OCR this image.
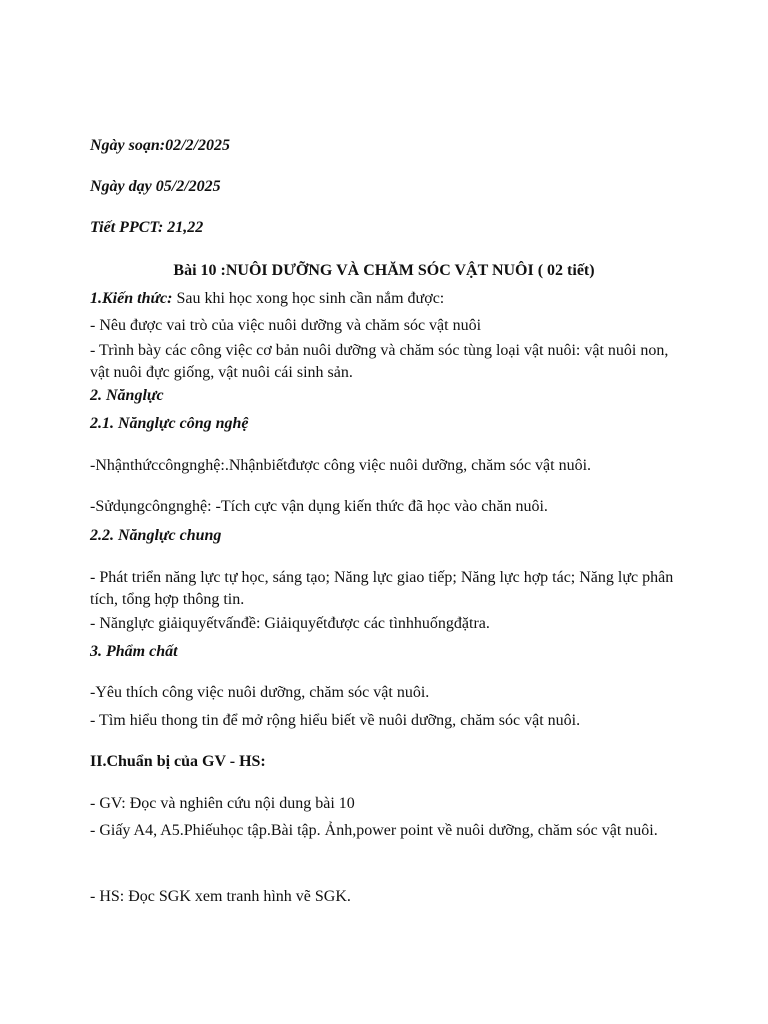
Ngày soạn:02/2/2025
Ngày dạy 05/2/2025
Tiết PPCT: 21,22
Bài 10 :NUÔI DƯỠNG VÀ CHĂM SÓC VẬT NUÔI ( 02 tiết)
1.Kiến thức: Sau khi học xong học sinh cần nắm được:
- Nêu được vai trò của việc nuôi dưỡng và chăm sóc vật nuôi
- Trình bày các công việc cơ bản nuôi dưỡng và chăm sóc tùng loại vật nuôi: vật nuôi non, vật nuôi đực giống, vật nuôi cái sinh sản.
2. Nănglực
2.1. Nănglực công nghệ
-Nhậnthứccôngnghệ:.Nhậnbiếtđược công việc nuôi dưỡng, chăm sóc vật nuôi.
-Sửdụngcôngnghệ: -Tích cực vận dụng kiến thức đã học vào chăn nuôi.
2.2. Nănglực chung
- Phát triển năng lực tự học, sáng tạo; Năng lực giao tiếp; Năng lực hợp tác; Năng lực phân tích, tổng hợp thông tin.
- Nănglực giảiquyếtvấnđề: Giảiquyếtđược các tìnhhuốngđặtra.
3. Phẩm chất
-Yêu thích công việc nuôi dưỡng, chăm sóc vật nuôi.
- Tìm hiểu thong tin để mở rộng hiểu biết về nuôi dưỡng, chăm sóc vật nuôi.
II.Chuẩn bị của GV - HS:
- GV: Đọc và nghiên cứu nội dung bài 10
- Giấy A4, A5.Phiếuhọc tập.Bài tập. Ảnh,power point về nuôi dưỡng, chăm sóc vật nuôi.
- HS: Đọc SGK xem tranh hình vẽ SGK.
